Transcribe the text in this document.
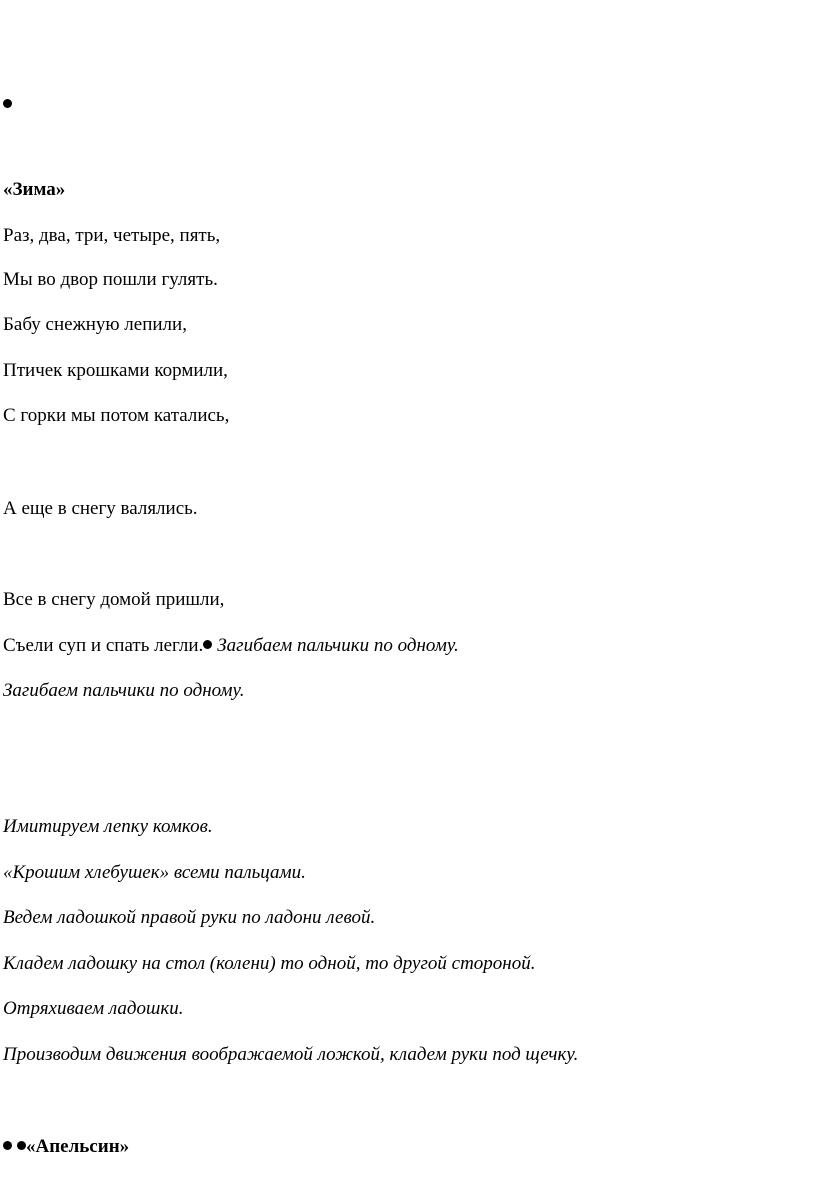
«Зима»
Раз, два, три, четыре, пять,
Мы во двор пошли гулять.
Бабу снежную лепили,
Птичек крошками кормили,
С горки мы потом катались,
А еще в снегу валялись.
Все в снегу домой пришли,
Съели суп и спать легли. Загибаем пальчики по одному.
Загибаем пальчики по одному.
Имитируем лепку комков.
«Крошим хлебушек» всеми пальцами.
Ведем ладошкой правой руки по ладони левой.
Кладем ладошку на стол (колени) то одной, то другой стороной.
Отряхиваем ладошки.
Производим движения воображаемой ложкой, кладем руки под щечку.
«Апельсин»
